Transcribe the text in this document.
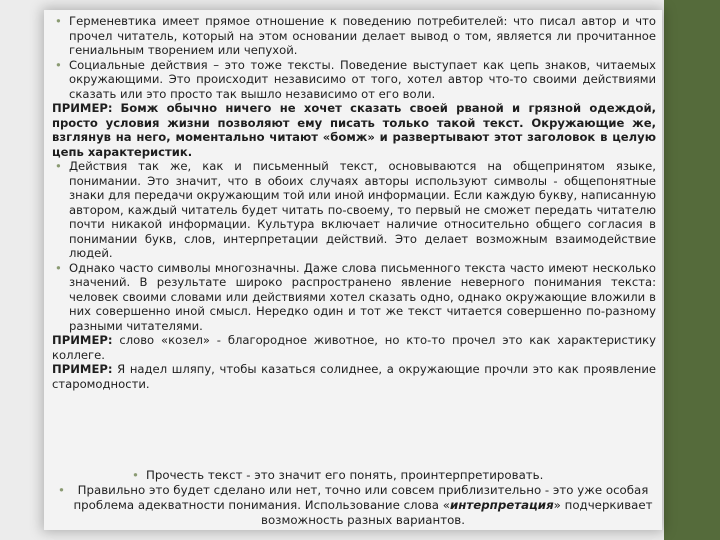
• Герменевтика имеет прямое отношение к поведению потребителей: что писал автор и что прочел читатель, который на этом основании делает вывод о том, является ли прочитанное гениальным творением или чепухой.

• Социальные действия – это тоже тексты. Поведение выступает как цепь знаков, читаемых окружающими. Это происходит независимо от того, хотел автор что-то своими действиями сказать или это просто так вышло независимо от его воли.

ПРИМЕР: Бомж обычно ничего не хочет сказать своей рваной и грязной одеждой, просто условия жизни позволяют ему писать только такой текст. Окружающие же, взглянув на него, моментально читают «бомж» и развертывают этот заголовок в целую цепь характеристик.

• Действия так же, как и письменный текст, основываются на общепринятом языке, понимании. Это значит, что в обоих случаях авторы используют символы - общепонятные знаки для передачи окружающим той или иной информации. Если каждую букву, написанную автором, каждый читатель будет читать по-своему, то первый не сможет передать читателю почти никакой информации. Культура включает наличие относительно общего согласия в понимании букв, слов, интерпретации действий. Это делает возможным взаимодействие людей.

• Однако часто символы многозначны. Даже слова письменного текста часто имеют несколько значений. В результате широко распространено явление неверного понимания текста: человек своими словами или действиями хотел сказать одно, однако окружающие вложили в них совершенно иной смысл. Нередко один и тот же текст читается совершенно по-разному разными читателями.

ПРИМЕР: слово «козел» - благородное животное, но кто-то прочел это как характеристику коллеге.

ПРИМЕР: Я надел шляпу, чтобы казаться солиднее, а окружающие прочли это как проявление старомодности.

• Прочесть текст - это значит его понять, проинтерпретировать.

• Правильно это будет сделано или нет, точно или совсем приблизительно - это уже особая проблема адекватности понимания. Использование слова «интерпретация» подчеркивает возможность разных вариантов.
